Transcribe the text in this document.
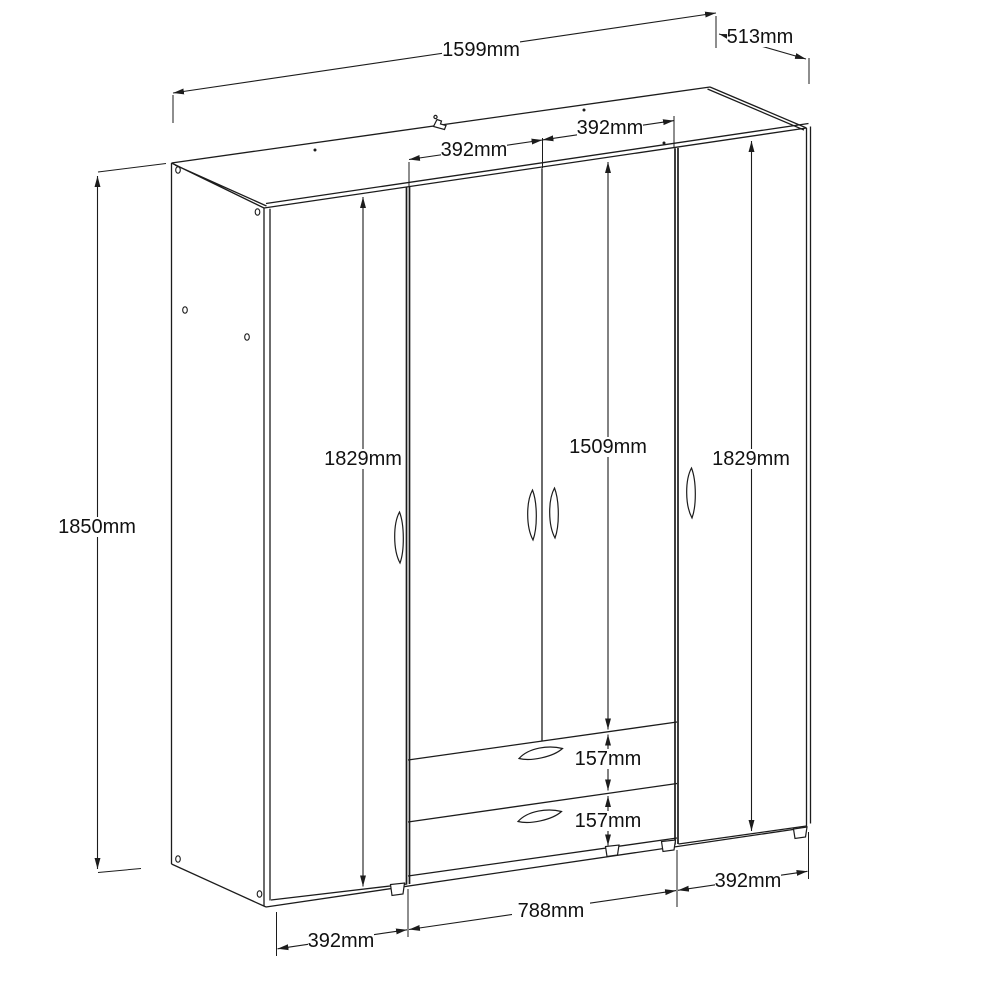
1599mm
513mm
392mm
392mm
1850mm
1829mm
1509mm
1829mm
157mm
157mm
392mm
788mm
392mm
